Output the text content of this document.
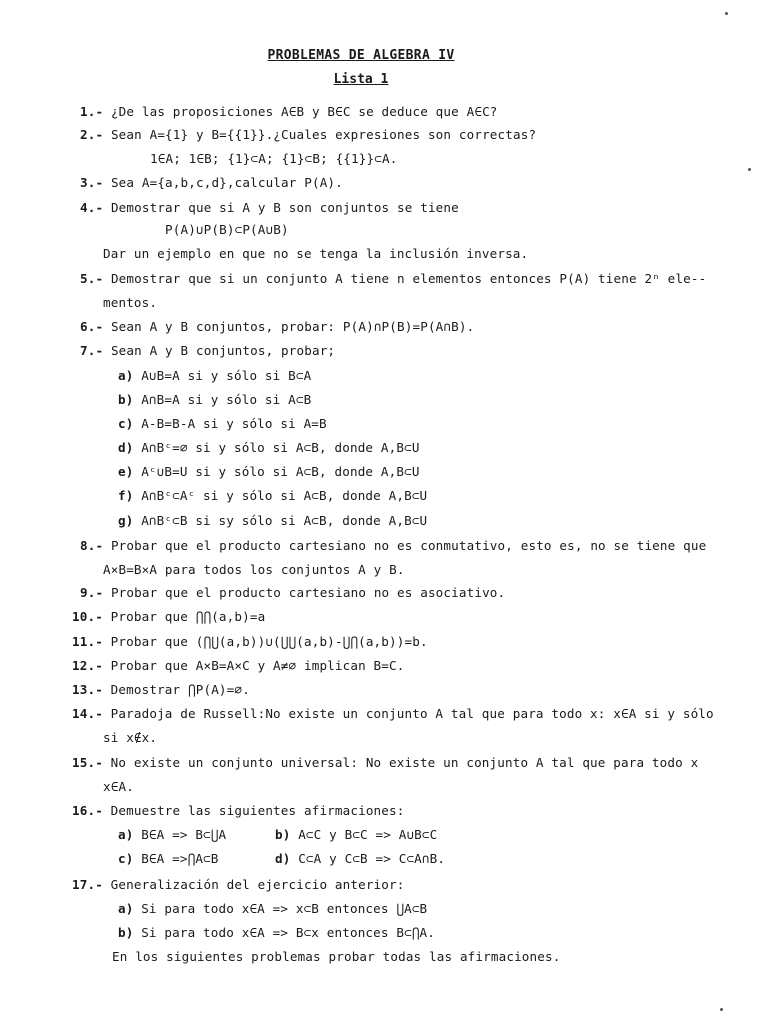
PROBLEMAS DE ALGEBRA IV
Lista 1
1.- ¿De las proposiciones A∈B y B∈C se deduce que A∈C?
2.- Sean A={1} y B={{1}}.¿Cuales expresiones son correctas?
1∈A; 1∈B; {1}⊂A; {1}⊂B; {{1}}⊂A.
3.- Sea A={a,b,c,d},calcular P(A).
4.- Demostrar que si A y B son conjuntos se tiene
P(A)∪P(B)⊂P(A∪B)
Dar un ejemplo en que no se tenga la inclusión inversa.
5.- Demostrar que si un conjunto A tiene n elementos entonces P(A) tiene 2ⁿ ele--
mentos.
6.- Sean A y B conjuntos, probar: P(A)∩P(B)=P(A∩B).
7.- Sean A y B conjuntos, probar;
a) A∪B=A si y sólo si B⊂A
b) A∩B=A si y sólo si A⊂B
c) A-B=B-A si y sólo si A=B
d) A∩Bᶜ=∅ si y sólo si A⊂B, donde A,B⊂U
e) Aᶜ∪B=U si y sólo si A⊂B, donde A,B⊂U
f) A∩Bᶜ⊂Aᶜ si y sólo si A⊂B, donde A,B⊂U
g) A∩Bᶜ⊂B si sy sólo si A⊂B, donde A,B⊂U
8.- Probar que el producto cartesiano no es conmutativo, esto es, no se tiene que
A×B=B×A para todos los conjuntos A y B.
9.- Probar que el producto cartesiano no es asociativo.
10.- Probar que ⋂⋂(a,b)=a
11.- Probar que (⋂⋃(a,b))∪(⋃⋃(a,b)-⋃⋂(a,b))=b.
12.- Probar que A×B=A×C y A≠∅ implican B=C.
13.- Demostrar ⋂P(A)=∅.
14.- Paradoja de Russell:No existe un conjunto A tal que para todo x: x∈A si y sólo
si x∉x.
15.- No existe un conjunto universal: No existe un conjunto A tal que para todo x
x∈A.
16.- Demuestre las siguientes afirmaciones:
a) B∈A => B⊂⋃A	b) A⊂C y B⊂C => A∪B⊂C
c) B∈A =>⋂A⊂B	d) C⊂A y C⊂B => C⊂A∩B.
17.- Generalización del ejercicio anterior:
a) Si para todo x∈A => x⊂B entonces ⋃A⊂B
b) Si para todo x∈A => B⊂x entonces B⊂⋂A.
En los siguientes problemas probar todas las afirmaciones.
